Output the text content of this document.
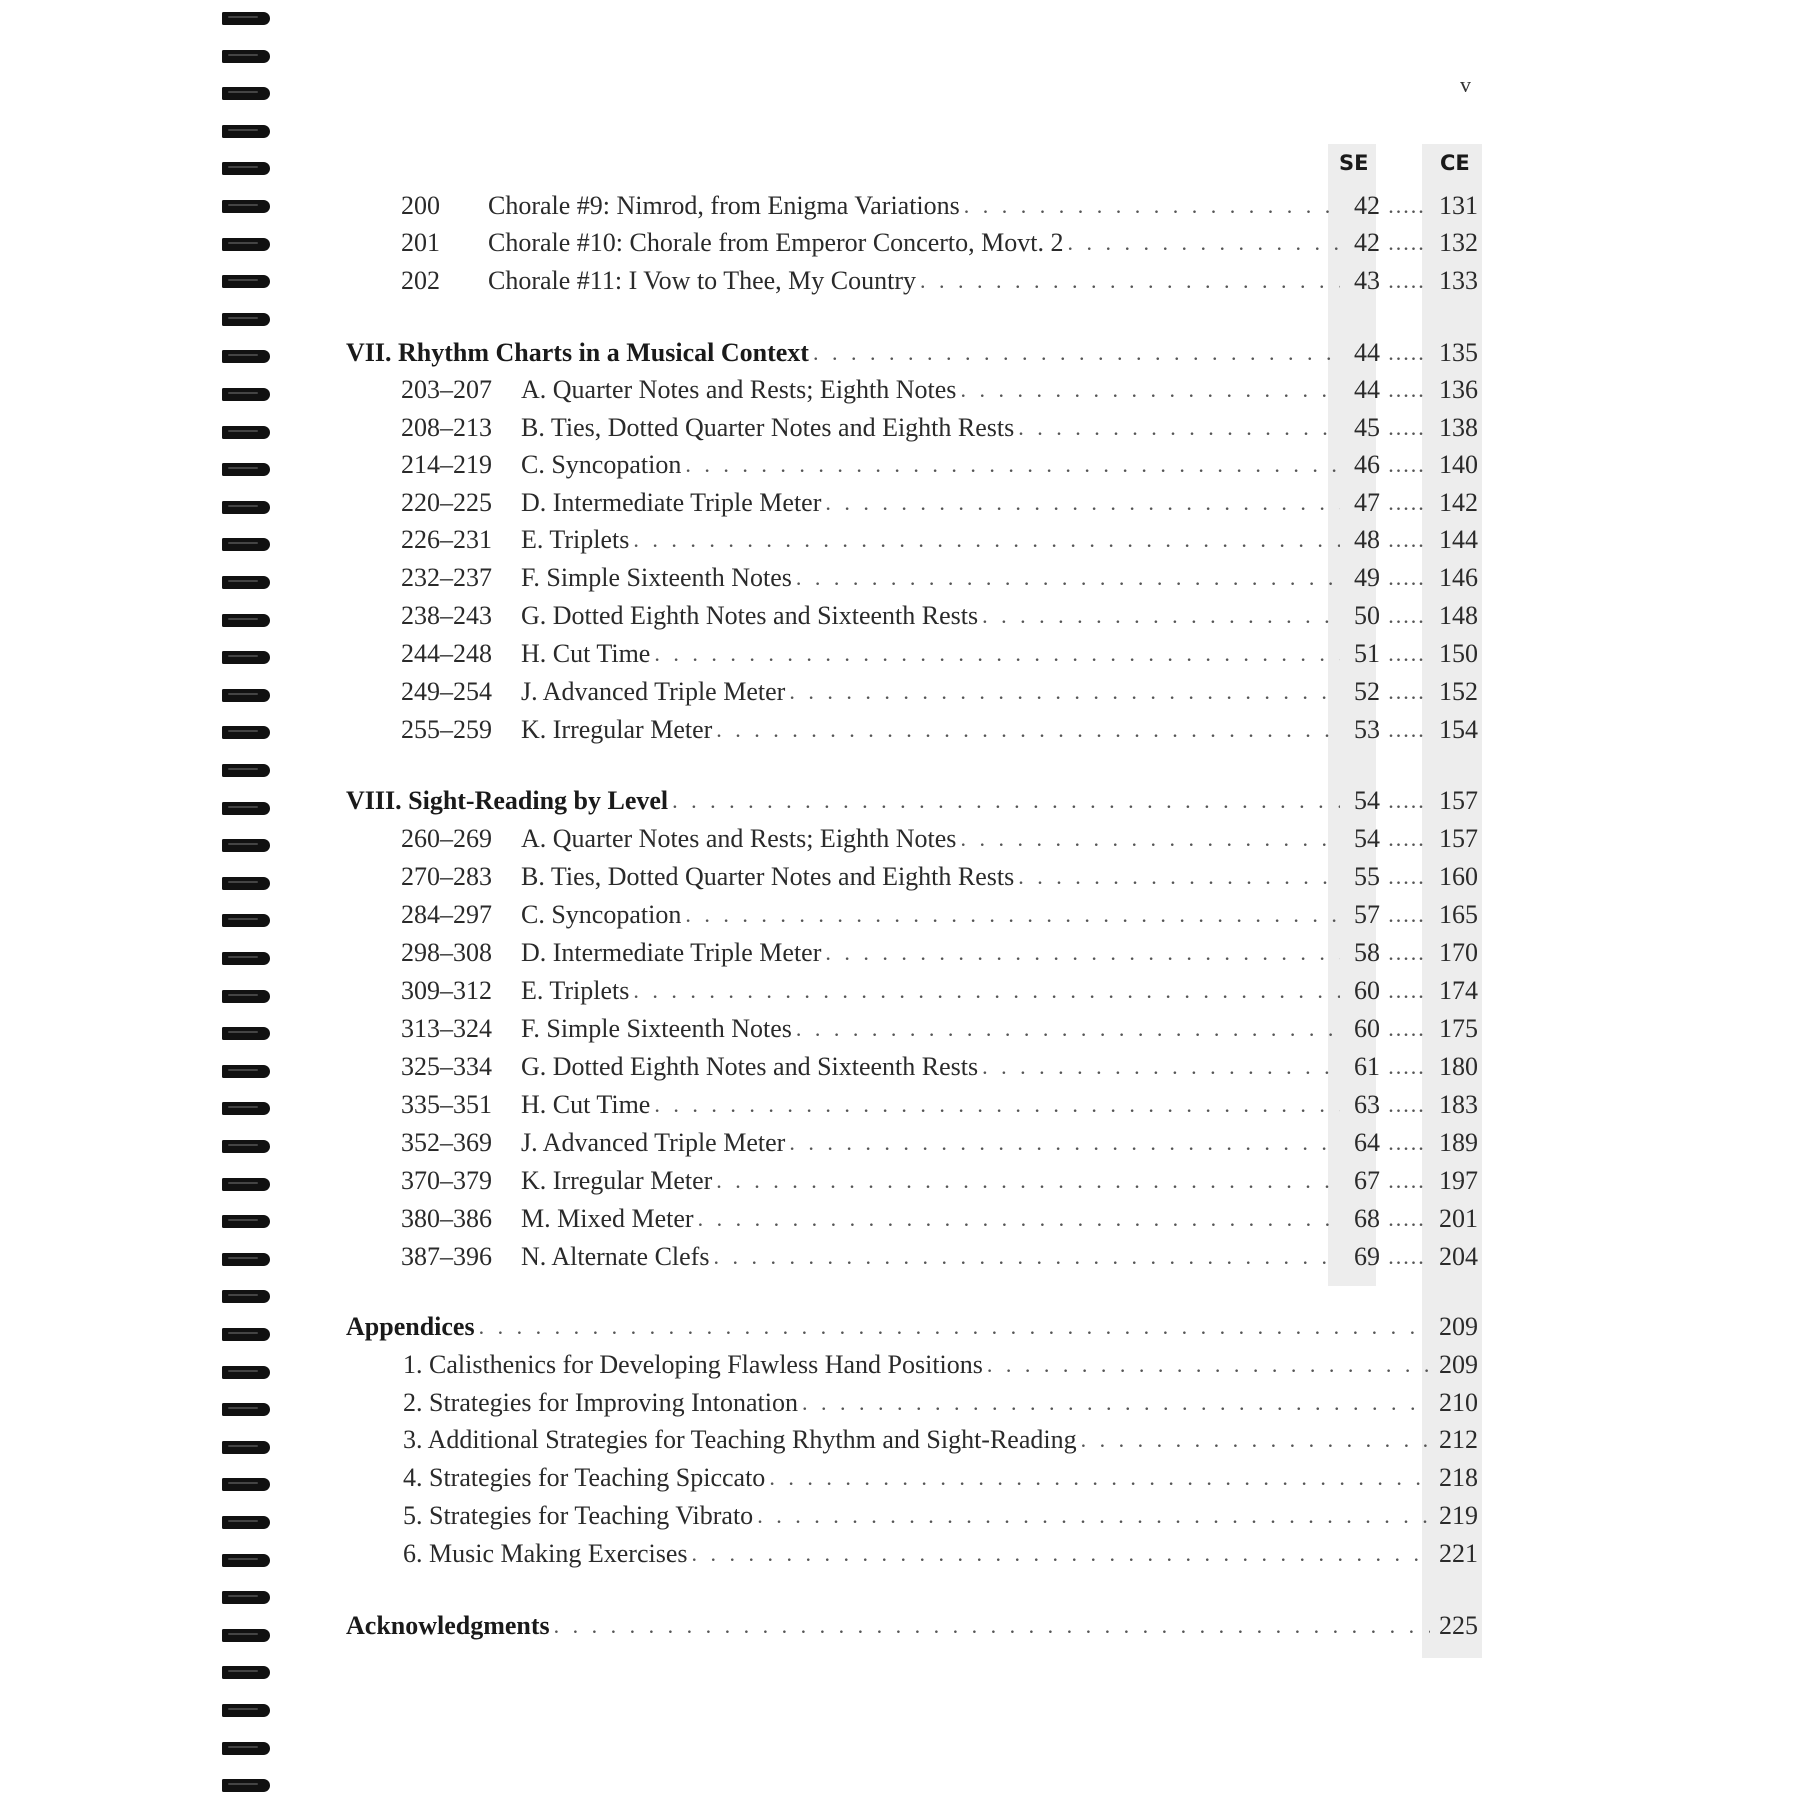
v
SE	CE
200 Chorale #9: Nimrod, from Enigma Variations . . .	42 ..... 131
201 Chorale #10: Chorale from Emperor Concerto, Movt. 2 . . .	42 ..... 132
202 Chorale #11: I Vow to Thee, My Country . . .	43 ..... 133
VII. Rhythm Charts in a Musical Context . . .	44 ..... 135
203–207 A. Quarter Notes and Rests; Eighth Notes . . .	44 ..... 136
208–213 B. Ties, Dotted Quarter Notes and Eighth Rests . . .	45 ..... 138
214–219 C. Syncopation . . .	46 ..... 140
220–225 D. Intermediate Triple Meter . . .	47 ..... 142
226–231 E. Triplets . . .	48 ..... 144
232–237 F. Simple Sixteenth Notes . . .	49 ..... 146
238–243 G. Dotted Eighth Notes and Sixteenth Rests . . .	50 ..... 148
244–248 H. Cut Time . . .	51 ..... 150
249–254 J. Advanced Triple Meter . . .	52 ..... 152
255–259 K. Irregular Meter . . .	53 ..... 154
VIII. Sight-Reading by Level . . .	54 ..... 157
260–269 A. Quarter Notes and Rests; Eighth Notes . . .	54 ..... 157
270–283 B. Ties, Dotted Quarter Notes and Eighth Rests . . .	55 ..... 160
284–297 C. Syncopation . . .	57 ..... 165
298–308 D. Intermediate Triple Meter . . .	58 ..... 170
309–312 E. Triplets . . .	60 ..... 174
313–324 F. Simple Sixteenth Notes . . .	60 ..... 175
325–334 G. Dotted Eighth Notes and Sixteenth Rests . . .	61 ..... 180
335–351 H. Cut Time . . .	63 ..... 183
352–369 J. Advanced Triple Meter . . .	64 ..... 189
370–379 K. Irregular Meter . . .	67 ..... 197
380–386 M. Mixed Meter . . .	68 ..... 201
387–396 N. Alternate Clefs . . .	69 ..... 204
Appendices . . .	209
1. Calisthenics for Developing Flawless Hand Positions . . .	209
2. Strategies for Improving Intonation . . .	210
3. Additional Strategies for Teaching Rhythm and Sight-Reading . . .	212
4. Strategies for Teaching Spiccato . . .	218
5. Strategies for Teaching Vibrato . . .	219
6. Music Making Exercises . . .	221
Acknowledgments . . .	225
